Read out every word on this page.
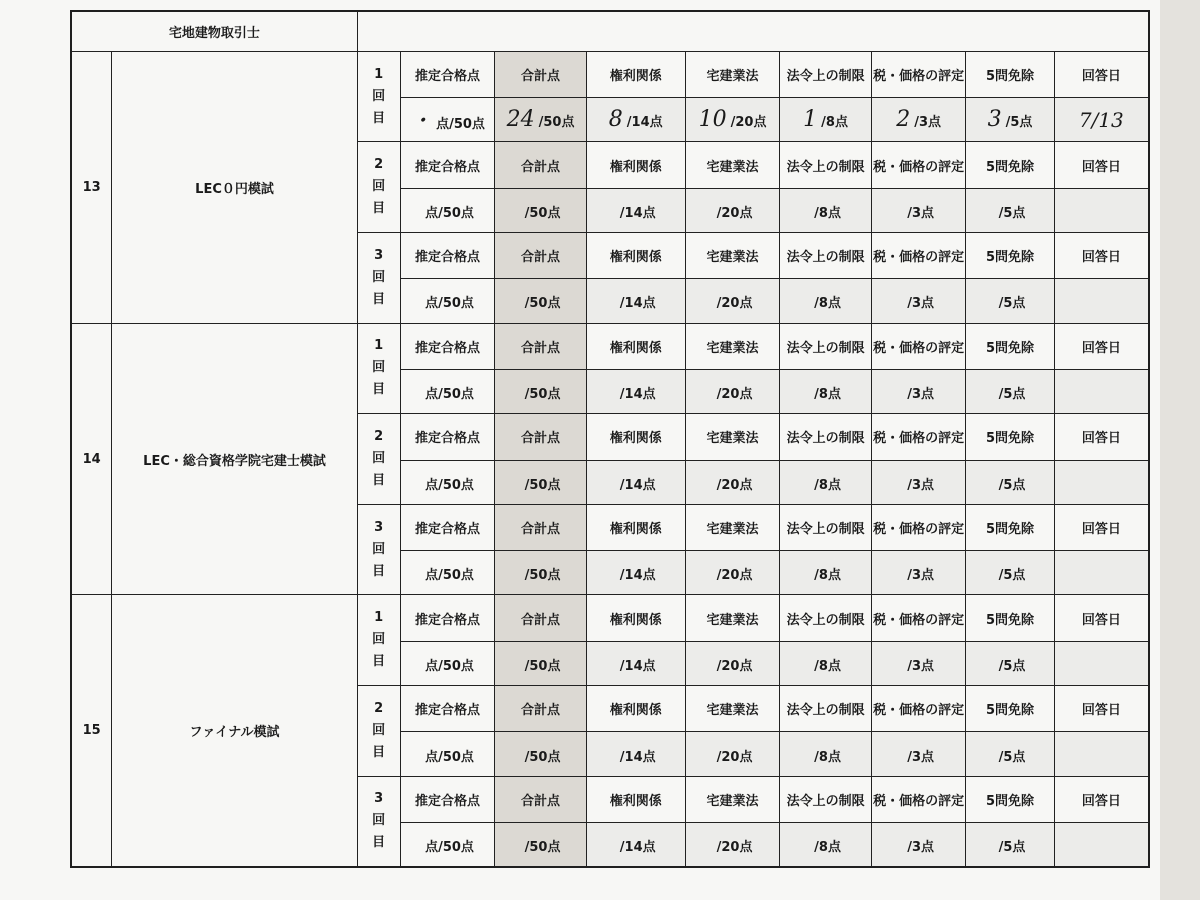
宅地建物取引士										
13	LEC０円模試	1
回
目	推定合格点	合計点	権利関係	宅建業法	法令上の制限	税・価格の評定	5問免除	回答日
			・ 点/50点	24 /50点	8 /14点	10 /20点	1 /8点	2 /3点	3 /5点	7/13
		2
回
目	推定合格点	合計点	権利関係	宅建業法	法令上の制限	税・価格の評定	5問免除	回答日
			点/50点	/50点	/14点	/20点	/8点	/3点	/5点	
		3
回
目	推定合格点	合計点	権利関係	宅建業法	法令上の制限	税・価格の評定	5問免除	回答日
			点/50点	/50点	/14点	/20点	/8点	/3点	/5点	
14	LEC・総合資格学院宅建士模試	1
回
目	推定合格点	合計点	権利関係	宅建業法	法令上の制限	税・価格の評定	5問免除	回答日
			点/50点	/50点	/14点	/20点	/8点	/3点	/5点	
		2
回
目	推定合格点	合計点	権利関係	宅建業法	法令上の制限	税・価格の評定	5問免除	回答日
			点/50点	/50点	/14点	/20点	/8点	/3点	/5点	
		3
回
目	推定合格点	合計点	権利関係	宅建業法	法令上の制限	税・価格の評定	5問免除	回答日
			点/50点	/50点	/14点	/20点	/8点	/3点	/5点	
15	ファイナル模試	1
回
目	推定合格点	合計点	権利関係	宅建業法	法令上の制限	税・価格の評定	5問免除	回答日
			点/50点	/50点	/14点	/20点	/8点	/3点	/5点	
		2
回
目	推定合格点	合計点	権利関係	宅建業法	法令上の制限	税・価格の評定	5問免除	回答日
			点/50点	/50点	/14点	/20点	/8点	/3点	/5点	
		3
回
目	推定合格点	合計点	権利関係	宅建業法	法令上の制限	税・価格の評定	5問免除	回答日
			点/50点	/50点	/14点	/20点	/8点	/3点	/5点	
